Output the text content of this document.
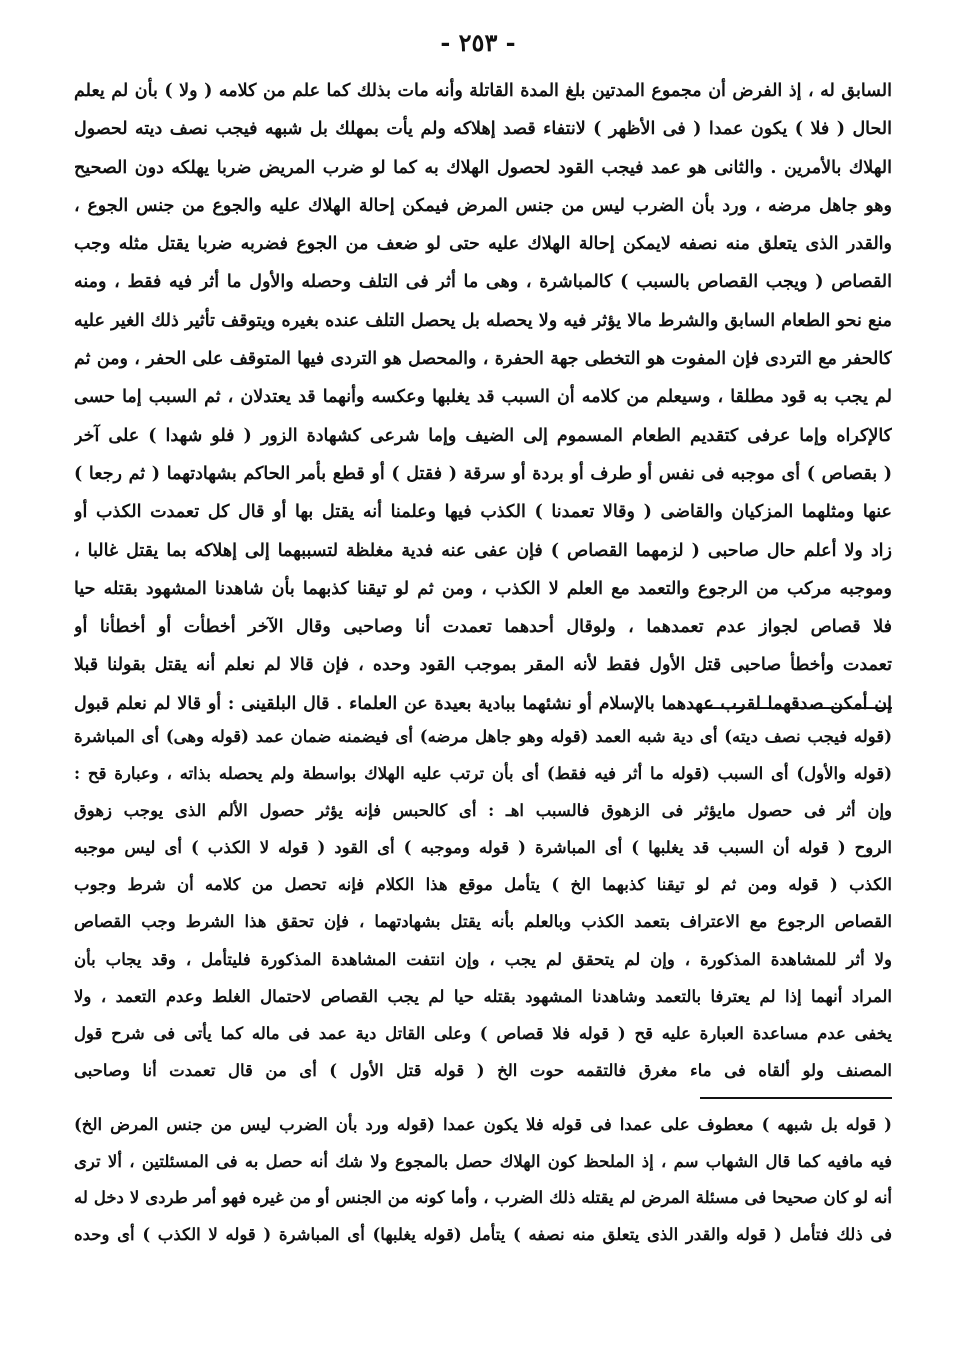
- ٢٥٣ -
السابق له ، إذ الفرض أن مجموع المدتين بلغ المدة القاتلة وأنه مات بذلك كما علم من كلامه ( ولا ) بأن لم يعلم
الحال ( فلا ) يكون عمدا ( فى الأظهر ) لانتفاء قصد إهلاكه ولم يأت بمهلك بل شبهه فيجب نصف ديته لحصول
الهلاك بالأمرين . والثانى هو عمد فيجب القود لحصول الهلاك به كما لو ضرب المريض ضربا يهلكه دون الصحيح
وهو جاهل مرضه ، ورد بأن الضرب ليس من جنس المرض فيمكن إحالة الهلاك عليه والجوع من جنس الجوع ،
والقدر الذى يتعلق منه نصفه لايمكن إحالة الهلاك عليه حتى لو ضعف من الجوع فضربه ضربا يقتل مثله وجب
القصاص ( ويجب القصاص بالسبب ) كالمباشرة ، وهى ما أثر فى التلف وحصله والأول ما أثر فيه فقط ، ومنه
منع نحو الطعام السابق والشرط مالا يؤثر فيه ولا يحصله بل يحصل التلف عنده بغيره ويتوقف تأثير ذلك الغير عليه
كالحفر مع التردى فإن المفوت هو التخطى جهة الحفرة ، والمحصل هو التردى فيها المتوقف على الحفر ، ومن ثم
لم يجب به قود مطلقا ، وسيعلم من كلامه أن السبب قد يغلبها وعكسه وأنهما قد يعتدلان ، ثم السبب إما حسى
كالإكراه وإما عرفى كتقديم الطعام المسموم إلى الضيف وإما شرعى كشهادة الزور ( فلو شهدا ) على آخر
( بقصاص ) أى موجبه فى نفس أو طرف أو بردة أو سرقة ( فقتل ) أو قطع بأمر الحاكم بشهادتهما ( ثم رجعا )
عنها ومثلهما المزكيان والقاضى ( وقالا تعمدنا ) الكذب فيها وعلمنا أنه يقتل بها أو قال كل تعمدت الكذب أو
زاد ولا أعلم حال صاحبى ( لزمهما القصاص ) فإن عفى عنه فدية مغلظة لتسببهما إلى إهلاكه بما يقتل غالبا ،
وموجبه مركب من الرجوع والتعمد مع العلم لا الكذب ، ومن ثم لو تيقنا كذبهما بأن شاهدنا المشهود بقتله حيا
فلا قصاص لجواز عدم تعمدهما ، ولوقال أحدهما تعمدت أنا وصاحبى وقال الآخر أخطأت أو أخطأنا أو
تعمدت وأخطأ صاحبى قتل الأول فقط لأنه المقر بموجب القود وحده ، فإن قالا لم نعلم أنه يقتل بقولنا قبلا
إن أمكن صدقهما لقرب عهدهما بالإسلام أو نشئهما ببادية بعيدة عن العلماء . قال البلقينى : أو قالا لم نعلم قبول
(قوله فيجب نصف ديته) أى دية شبه العمد (قوله وهو جاهل مرضه) أى فيضمنه ضمان عمد (قوله وهى) أى المباشرة
(قوله والأول) أى السبب (قوله ما أثر فيه فقط) أى بأن ترتب عليه الهلاك بواسطة ولم يحصله بذاته ، وعبارة قح :
وإن أثر فى حصول مايؤثر فى الزهوق فالسبب اهـ : أى كالحبس فإنه يؤثر حصول الألم الذى يوجب زهوق
الروح ( قوله أن السبب قد يغلبها ) أى المباشرة ( قوله وموجبه ) أى القود ( قوله لا الكذب ) أى ليس موجبه
الكذب ( قوله ومن ثم لو تيقنا كذبهما الخ ) يتأمل موقع هذا الكلام فإنه تحصل من كلامه أن شرط وجوب
القصاص الرجوع مع الاعتراف بتعمد الكذب وبالعلم بأنه يقتل بشهادتهما ، فإن تحقق هذا الشرط وجب القصاص
ولا أثر للمشاهدة المذكورة ، وإن لم يتحقق لم يجب ، وإن انتفت المشاهدة المذكورة فليتأمل ، وقد يجاب بأن
المراد أنهما إذا لم يعترفا بالتعمد وشاهدنا المشهود بقتله حيا لم يجب القصاص لاحتمال الغلط وعدم التعمد ، ولا
يخفى عدم مساعدة العبارة عليه قح ( قوله فلا قصاص ) وعلى القاتل دية عمد فى ماله كما يأتى فى شرح قول
المصنف ولو ألقاه فى ماء مغرق فالتقمه حوت الخ ( قوله قتل الأول ) أى من قال تعمدت أنا وصاحبى
( قوله بل شبهه ) معطوف على عمدا فى قوله فلا يكون عمدا (قوله ورد بأن الضرب ليس من جنس المرض الخ)
فيه مافيه كما قال الشهاب سم ، إذ الملحظ كون الهلاك حصل بالمجوع ولا شك أنه حصل به فى المسئلتين ، ألا ترى
أنه لو كان صحيحا فى مسئلة المرض لم يقتله ذلك الضرب ، وأما كونه من الجنس أو من غيره فهو أمر طردى لا دخل له
فى ذلك فتأمل ( قوله والقدر الذى يتعلق منه نصفه ) يتأمل (قوله يغلبها) أى المباشرة ( قوله لا الكذب ) أى وحده
